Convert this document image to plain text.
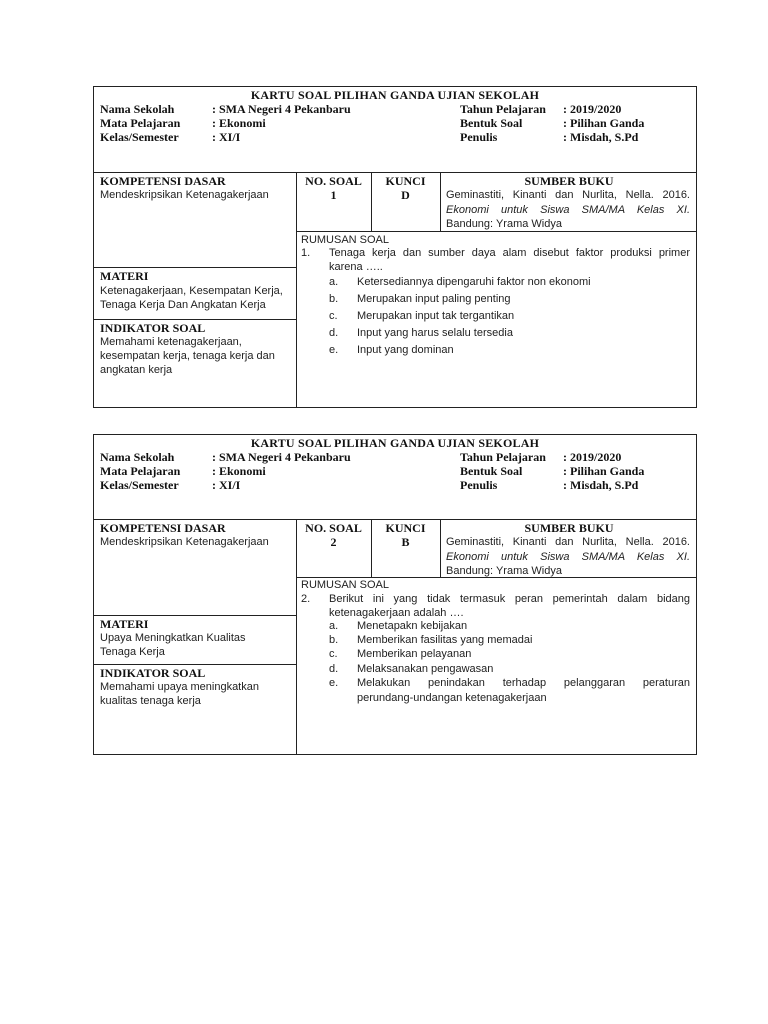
KARTU SOAL PILIHAN GANDA UJIAN SEKOLAH
Nama Sekolah	: SMA Negeri 4 Pekanbaru
Mata Pelajaran	: Ekonomi
Kelas/Semester	: XI/I
Tahun Pelajaran : 2019/2020
Bentuk Soal	: Pilihan Ganda
Penulis	: Misdah, S.Pd
KOMPETENSI DASAR
Mendeskripsikan Ketenagakerjaan
NO. SOAL
1
KUNCI
D
SUMBER BUKU
Geminastiti, Kinanti dan Nurlita, Nella. 2016.
Ekonomi untuk Siswa SMA/MA Kelas XI.
Bandung: Yrama Widya
RUMUSAN SOAL
1. Tenaga kerja dan sumber daya alam disebut faktor produksi primer
karena …..
a. Ketersediannya dipengaruhi faktor non ekonomi
b. Merupakan input paling penting
c. Merupakan input tak tergantikan
d. Input yang harus selalu tersedia
e. Input yang dominan
MATERI
Ketenagakerjaan, Kesempatan Kerja,
Tenaga Kerja Dan Angkatan Kerja
INDIKATOR SOAL
Memahami ketenagakerjaan,
kesempatan kerja, tenaga kerja dan
angkatan kerja
KARTU SOAL PILIHAN GANDA UJIAN SEKOLAH
Nama Sekolah	: SMA Negeri 4 Pekanbaru
Mata Pelajaran	: Ekonomi
Kelas/Semester	: XI/I
Tahun Pelajaran : 2019/2020
Bentuk Soal	: Pilihan Ganda
Penulis	: Misdah, S.Pd
KOMPETENSI DASAR
Mendeskripsikan Ketenagakerjaan
NO. SOAL
2
KUNCI
B
SUMBER BUKU
Geminastiti, Kinanti dan Nurlita, Nella. 2016.
Ekonomi untuk Siswa SMA/MA Kelas XI.
Bandung: Yrama Widya
RUMUSAN SOAL
2. Berikut ini yang tidak termasuk peran pemerintah dalam bidang
ketenagakerjaan adalah ….
a. Menetapakn kebijakan
b. Memberikan fasilitas yang memadai
c. Memberikan pelayanan
d. Melaksanakan pengawasan
e. Melakukan penindakan terhadap pelanggaran peraturan
perundang-undangan ketenagakerjaan
MATERI
Upaya Meningkatkan Kualitas
Tenaga Kerja
INDIKATOR SOAL
Memahami upaya meningkatkan
kualitas tenaga kerja
